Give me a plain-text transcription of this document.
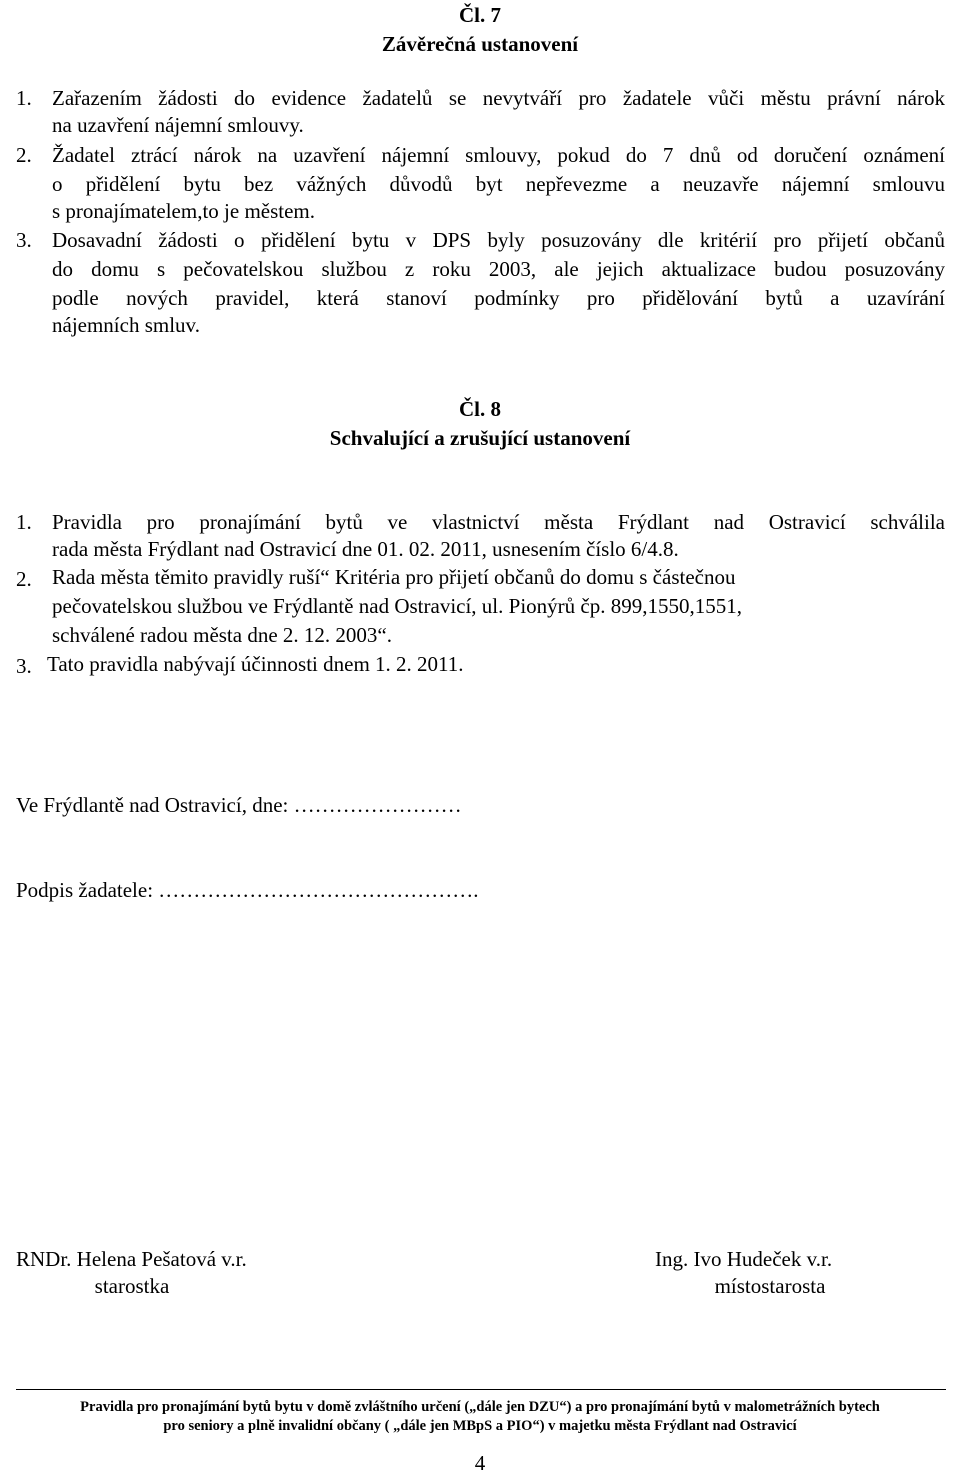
Čl. 7
Závěrečná ustanovení
1. Zařazením žádosti do evidence žadatelů se nevytváří pro žadatele vůči městu právní nárok
na uzavření nájemní smlouvy.
2. Žadatel ztrácí nárok na uzavření nájemní smlouvy, pokud do 7 dnů od doručení oznámení
o přidělení bytu bez vážných důvodů byt nepřevezme a neuzavře nájemní smlouvu
s pronajímatelem,to je městem.
3. Dosavadní žádosti o přidělení bytu v DPS byly posuzovány dle kritérií pro přijetí občanů
do domu s pečovatelskou službou z roku 2003, ale jejich aktualizace budou posuzovány
podle nových pravidel, která stanoví podmínky pro přidělování bytů a uzavírání
nájemních smluv.
Čl. 8
Schvalující a zrušující ustanovení
1. Pravidla pro pronajímání bytů ve vlastnictví města Frýdlant nad Ostravicí schválila
rada města Frýdlant nad Ostravicí dne 01. 02. 2011, usnesením číslo 6/4.8.
2. Rada města těmito pravidly ruší“ Kritéria pro přijetí občanů do domu s částečnou
pečovatelskou službou ve Frýdlantě nad Ostravicí, ul. Pionýrů čp. 899,1550,1551,
schválené radou města dne 2. 12. 2003“.
3. Tato pravidla nabývají účinnosti dnem 1. 2. 2011.
Ve Frýdlantě nad Ostravicí, dne: ……………………
Podpis žadatele: ……………………………………….
RNDr. Helena Pešatová v.r.
starostka
Ing. Ivo Hudeček v.r.
místostarosta
Pravidla pro pronajímání bytů bytu v domě zvláštního určení („dále jen DZU“) a pro pronajímání bytů v malometrážních bytech
pro seniory a plně invalidní občany ( „dále jen MBpS a PIO“) v majetku města Frýdlant nad Ostravicí
4
